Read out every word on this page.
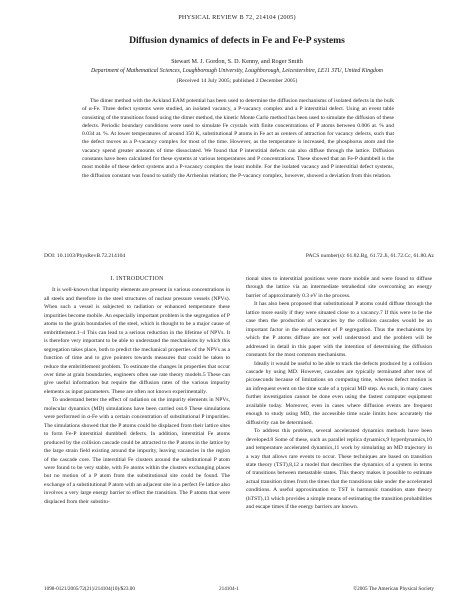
PHYSICAL REVIEW B 72, 214104 (2005)
Diffusion dynamics of defects in Fe and Fe-P systems
Stewart M. J. Gordon, S. D. Kenny, and Roger Smith
Department of Mathematical Sciences, Loughborough University, Loughborough, Leicestershire, LE11 3TU, United Kingdom
(Received 14 July 2005; published 2 December 2005)

The dimer method with the Ackland EAM potential has been used to determine the diffusion mechanisms of isolated defects in the bulk of α-Fe. Three defect systems were studied, an isolated vacancy, a P-vacancy complex and a P interstitial defect. Using an event table consisting of the transitions found using the dimer method, the kinetic Monte Carlo method has been used to simulate the diffusion of these defects. Periodic boundary conditions were used to simulate Fe crystals with finite concentrations of P atoms between 0.006 at. % and 0.034 at. %. At lower temperatures of around 350 K, substitutional P atoms in Fe act as centers of attraction for vacancy defects, such that the defect moves as a P-vacancy complex for most of the time. However, as the temperature is increased, the phosphorus atom and the vacancy spend greater amounts of time dissociated. We found that P interstitial defects can also diffuse through the lattice. Diffusion constants have been calculated for these systems at various temperatures and P concentrations. These showed that an Fe-P dumbbell is the most mobile of these defect systems and a P-vacancy complex the least mobile. For the isolated vacancy and P interstitial defect systems, the diffusion constant was found to satisfy the Arrhenius relation; the P-vacancy complex, however, showed a deviation from this relation.

DOI: 10.1103/PhysRevB.72.214104	PACS number(s): 61.82.Bg, 61.72.Ji, 61.72.Cc, 61.80.Az
I. INTRODUCTION

It is well-known that impurity elements are present in various concentrations in all steels and therefore in the steel structures of nuclear pressure vessels (NPVs). When such a vessel is subjected to radiation or enhanced temperature these impurities become mobile. An especially important problem is the segregation of P atoms to the grain boundaries of the steel, which is thought to be a major cause of embrittlement.1–4 This can lead to a serious reduction in the lifetime of NPVs. It is therefore very important to be able to understand the mechanisms by which this segregation takes place, both to predict the mechanical properties of the NPVs as a function of time and to give pointers towards measures that could be taken to reduce the embrittlement problem. To estimate the changes in properties that occur over time at grain boundaries, engineers often use rate theory models.5 These can give useful information but require the diffusion rates of the various impurity elements as input parameters. These are often not known experimentally.

To understand better the effect of radiation on the impurity elements in NPVs, molecular dynamics (MD) simulations have been carried out.6 These simulations were performed in α-Fe with a certain concentration of substitutional P impurities. The simulations showed that the P atoms could be displaced from their lattice sites to form Fe-P interstitial dumbbell defects. In addition, interstitial Fe atoms produced by the collision cascade could be attracted to the P atoms in the lattice by the large strain field existing around the impurity, leaving vacancies in the region of the cascade core. The interstitial Fe clusters around the substitutional P atom were found to be very stable, with Fe atoms within the clusters exchanging places but no motion of a P atom from the substitutional site could be found. The exchange of a substitutional P atom with an adjacent site in a perfect Fe lattice also involves a very large energy barrier to effect the transition. The P atoms that were displaced from their substitu-

tional sites to interstitial positions were more mobile and were found to diffuse through the lattice via an intermediate tetrahedral site overcoming an energy barrier of approximately 0.3 eV in the process.

It has also been proposed that substitutional P atoms could diffuse through the lattice more easily if they were situated close to a vacancy.7 If this were to be the case then the production of vacancies by the collision cascades would be an important factor in the enhancement of P segregation. Thus the mechanisms by which the P atoms diffuse are not well understood and the problem will be addressed in detail in this paper with the intention of determining the diffusion constants for the most common mechanisms.

Ideally it would be useful to be able to track the defects produced by a collision cascade by using MD. However, cascades are typically terminated after tens of picoseconds because of limitations on computing time, whereas defect motion is an infrequent event on the time scale of a typical MD step. As such, in many cases further investigation cannot be done even using the fastest computer equipment available today. Moreover, even in cases where diffusion events are frequent enough to study using MD, the accessible time scale limits how accurately the diffusivity can be determined.

To address this problem, several accelerated dynamics methods have been developed.8 Some of these, such as parallel replica dynamics,9 hyperdynamics,10 and temperature accelerated dynamics,11 work by simulating an MD trajectory in a way that allows rare events to occur. These techniques are based on transition state theory (TST),8,12 a model that describes the dynamics of a system in terms of transitions between metastable states. This theory makes it possible to estimate actual transition times from the times that the transitions take under the accelerated conditions. A useful approximation to TST is harmonic transition state theory (hTST),13 which provides a simple means of estimating the transition probabilities and escape times if the energy barriers are known.

1098-0121/2005/72(21)/214104(10)/$23.00	214104-1	©2005 The American Physical Society
